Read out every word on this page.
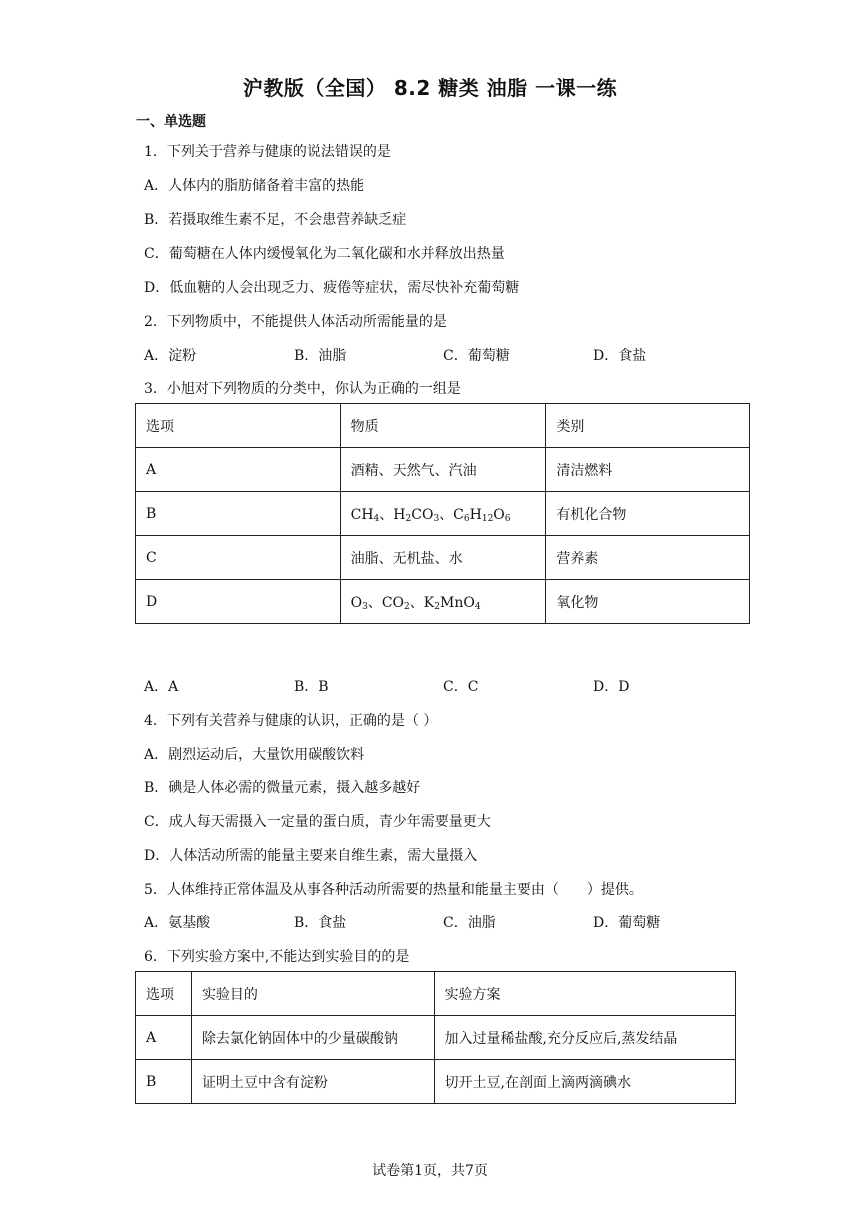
沪教版（全国） 8.2 糖类 油脂 一课一练
一、单选题
1．下列关于营养与健康的说法错误的是
A．人体内的脂肪储备着丰富的热能
B．若摄取维生素不足，不会患营养缺乏症
C．葡萄糖在人体内缓慢氧化为二氧化碳和水并释放出热量
D．低血糖的人会出现乏力、疲倦等症状，需尽快补充葡萄糖
2．下列物质中，不能提供人体活动所需能量的是
A．淀粉	B．油脂	C．葡萄糖	D．食盐
3．小旭对下列物质的分类中，你认为正确的一组是
选项	物质	类别
A	酒精、天然气、汽油	清洁燃料
B	$CH_4$、$H_2CO_3$、$C_6H_{12}O_6$	有机化合物
C	油脂、无机盐、水	营养素
D	$O_3$、$CO_2$、$K_2MnO_4$	氧化物
A．A	B．B	C．C	D．D
4．下列有关营养与健康的认识，正确的是（ ）
A．剧烈运动后，大量饮用碳酸饮料
B．碘是人体必需的微量元素，摄入越多越好
C．成人每天需摄入一定量的蛋白质，青少年需要量更大
D．人体活动所需的能量主要来自维生素，需大量摄入
5．人体维持正常体温及从事各种活动所需要的热量和能量主要由（　　）提供。
A．氨基酸	B．食盐	C．油脂	D．葡萄糖
6．下列实验方案中,不能达到实验目的的是
选项	实验目的	实验方案
A	除去氯化钠固体中的少量碳酸钠	加入过量稀盐酸,充分反应后,蒸发结晶
B	证明土豆中含有淀粉	切开土豆,在剖面上滴两滴碘水
试卷第1页，共7页
